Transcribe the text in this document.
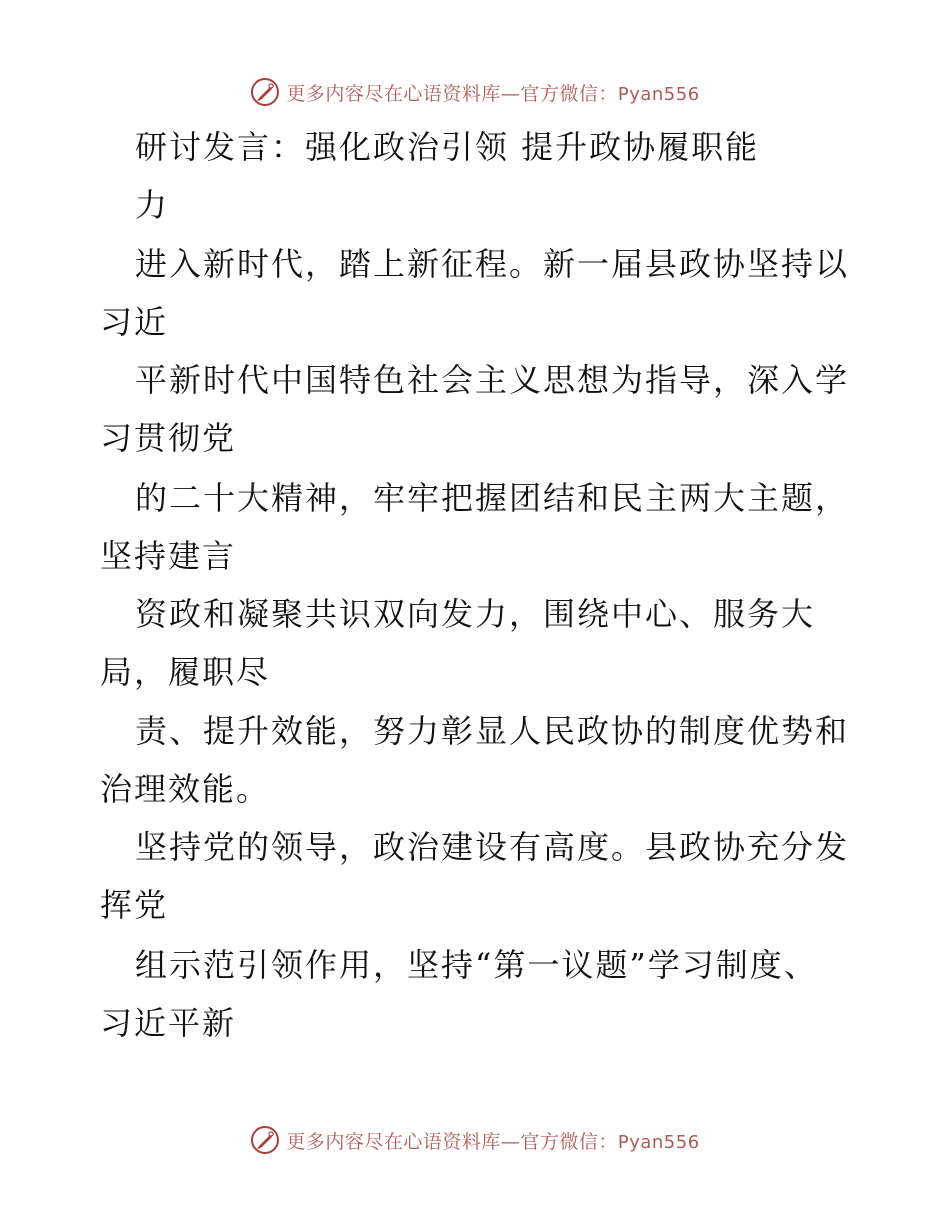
更多内容尽在心语资料库—官方微信：Pyan556
研讨发言：强化政治引领 提升政协履职能
力
进入新时代，踏上新征程。新一届县政协坚持以
习近
平新时代中国特色社会主义思想为指导，深入学
习贯彻党
的二十大精神，牢牢把握团结和民主两大主题，
坚持建言
资政和凝聚共识双向发力，围绕中心、服务大
局，履职尽
责、提升效能，努力彰显人民政协的制度优势和
治理效能。
坚持党的领导，政治建设有高度。县政协充分发
挥党
组示范引领作用，坚持“第一议题”学习制度、
习近平新
更多内容尽在心语资料库—官方微信：Pyan556
